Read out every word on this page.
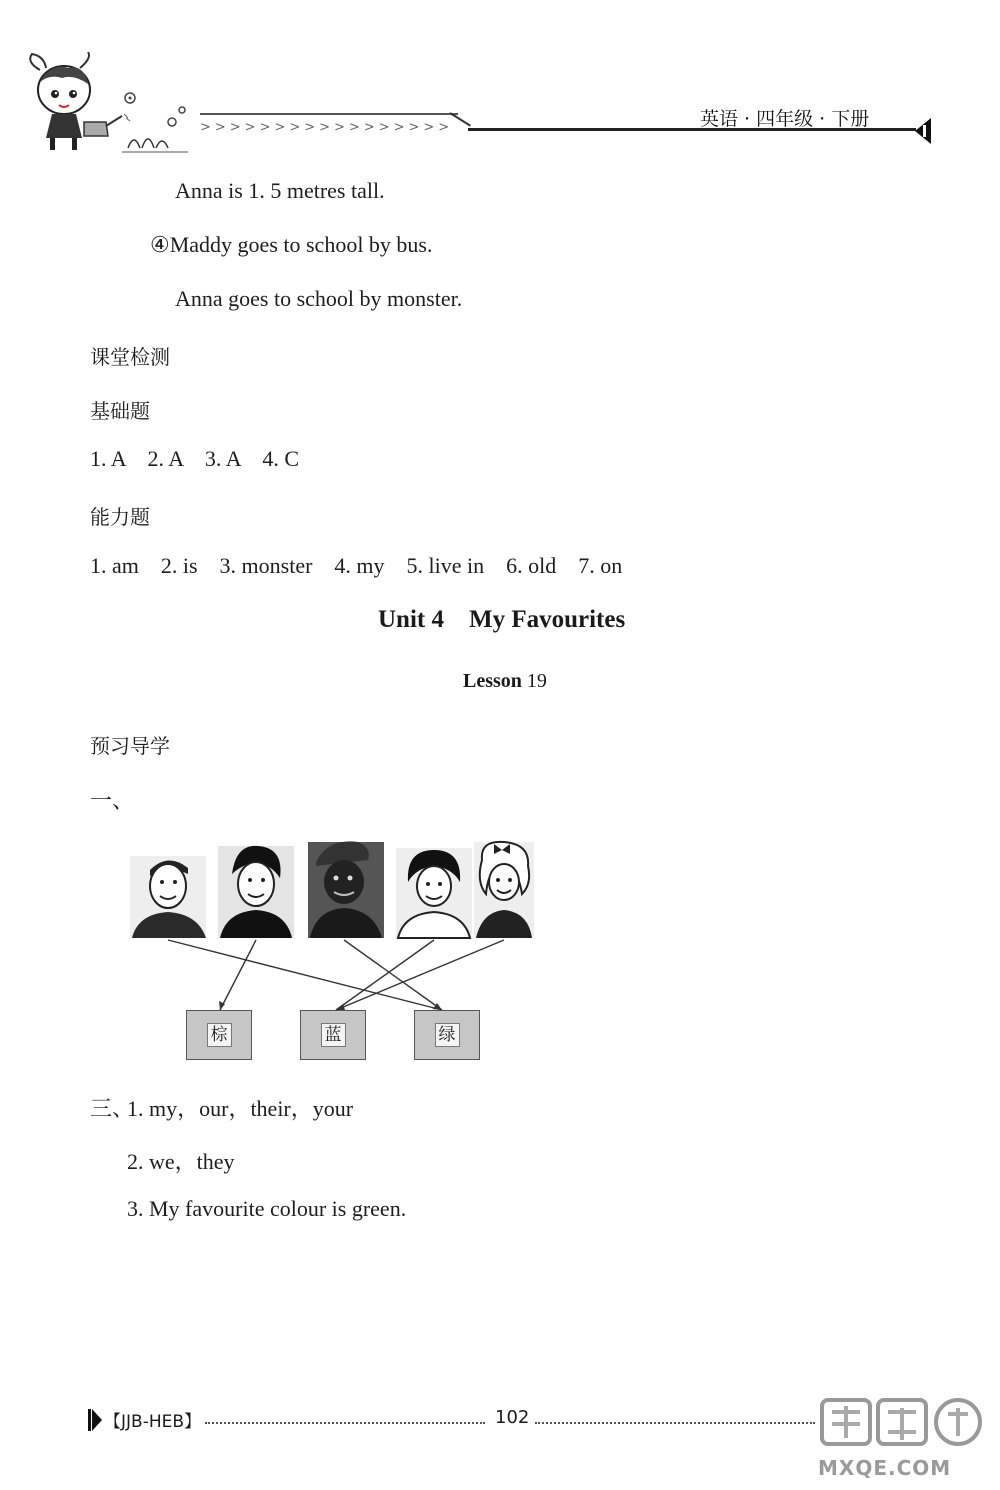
>>>>>>>>>>>>>>>>>	英语 · 四年级 · 下册
Anna is 1. 5 metres tall.
④Maddy goes to school by bus.
Anna goes to school by monster.
课堂检测
基础题
1. A    2. A    3. A    4. C
能力题
1. am    2. is    3. monster    4. my    5. live in    6. old    7. on
Unit 4    My Favourites
Lesson 19
预习导学
一、
棕	蓝	绿
三、
1. my，our，their，your
2. we，they
3. My favourite colour is green.
【JJB-HEB】	102
MXQE.COM
